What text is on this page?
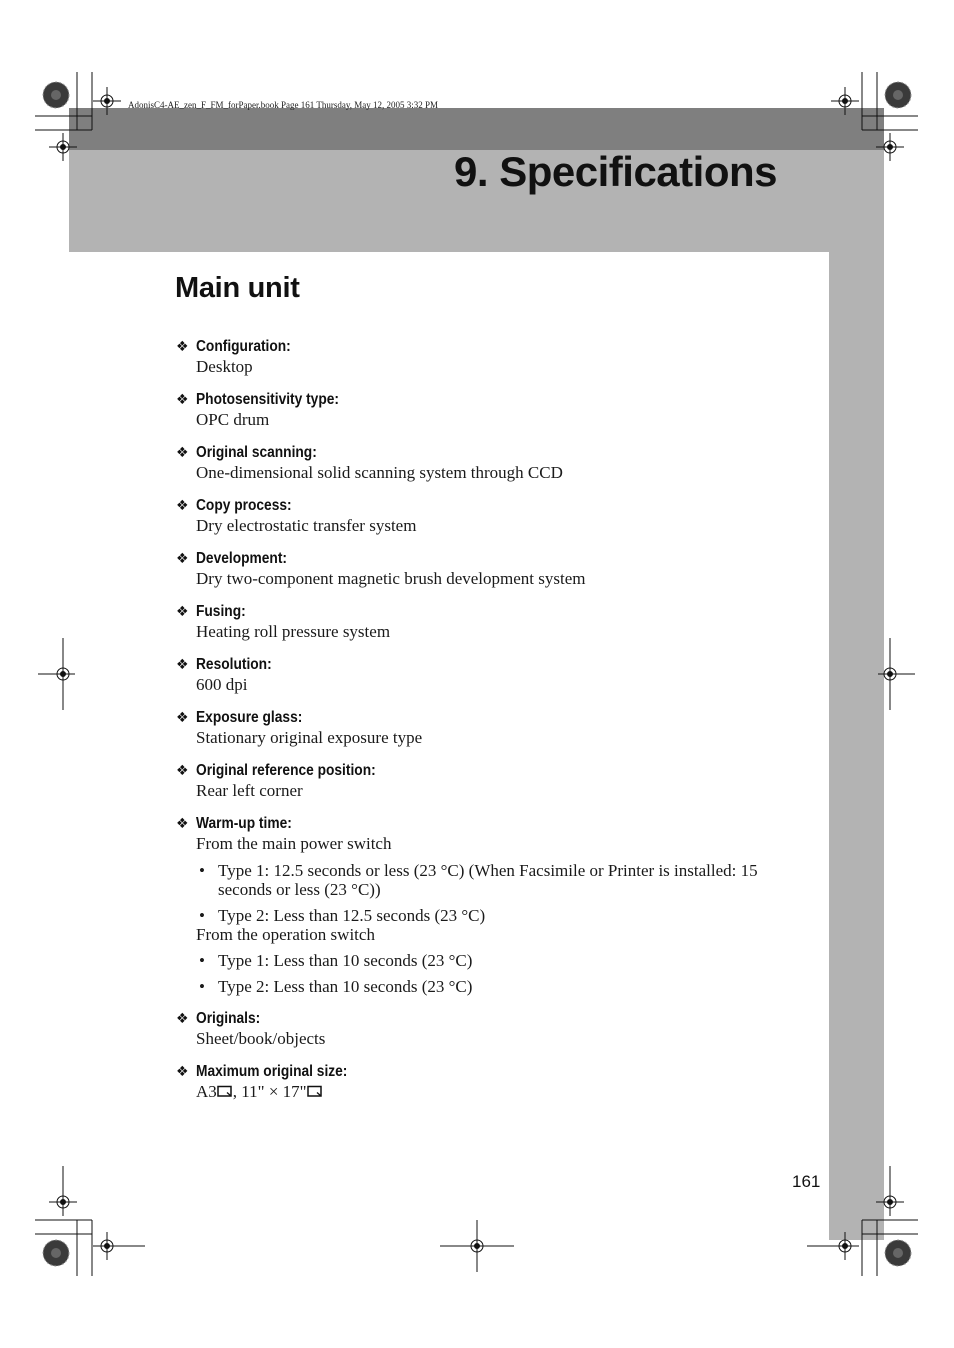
AdonisC4-AE_zen_F_FM_forPaper.book Page 161 Thursday, May 12, 2005 3:32 PM
9. Specifications
Main unit
❖ Configuration:
Desktop
❖ Photosensitivity type:
OPC drum
❖ Original scanning:
One-dimensional solid scanning system through CCD
❖ Copy process:
Dry electrostatic transfer system
❖ Development:
Dry two-component magnetic brush development system
❖ Fusing:
Heating roll pressure system
❖ Resolution:
600 dpi
❖ Exposure glass:
Stationary original exposure type
❖ Original reference position:
Rear left corner
❖ Warm-up time:
From the main power switch
• Type 1: 12.5 seconds or less (23 °C) (When Facsimile or Printer is installed: 15 seconds or less (23 °C))
• Type 2: Less than 12.5 seconds (23 °C)
From the operation switch
• Type 1: Less than 10 seconds (23 °C)
• Type 2: Less than 10 seconds (23 °C)
❖ Originals:
Sheet/book/objects
❖ Maximum original size:
A3 , 11" × 17"
161
